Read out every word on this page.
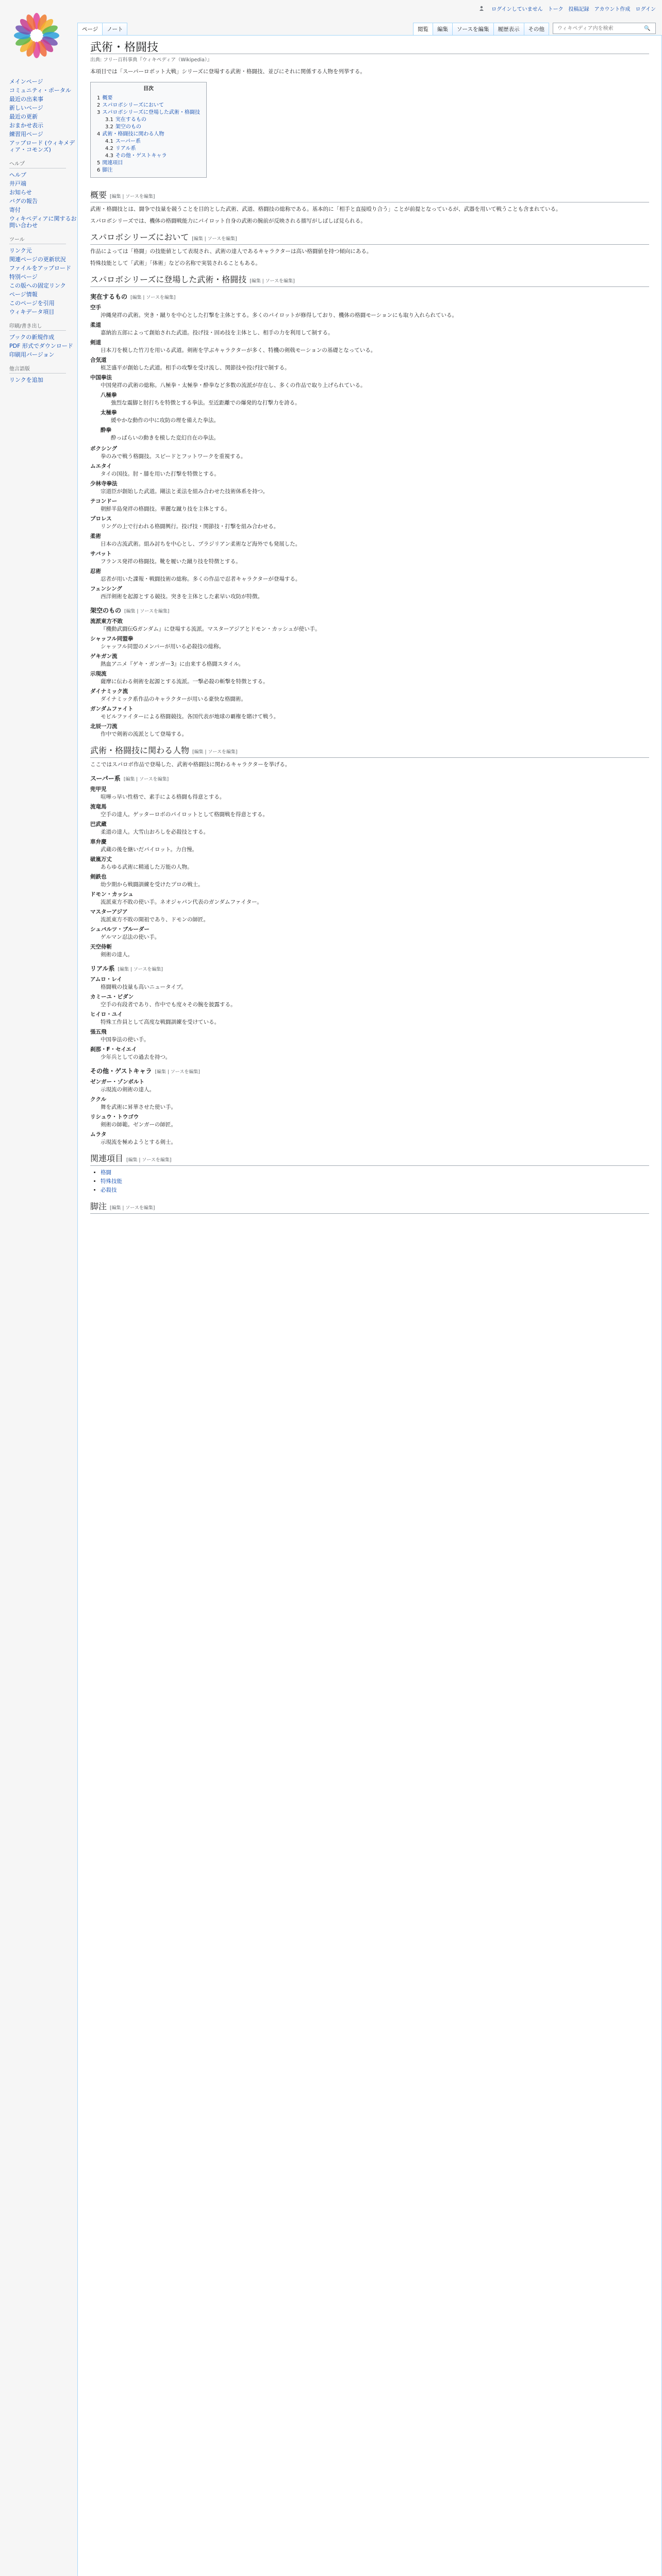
ログインしていません トーク 投稿記録 アカウント作成 ログイン
ページ	ノート	閲覧	編集	ソースを編集	履歴表示	その他
ウィキペディア内を検索	🔍
メインページ
コミュニティ・ポータル
最近の出来事
新しいページ
最近の更新
おまかせ表示
練習用ページ
アップロード (ウィキメディア・コモンズ)
ヘルプ
ヘルプ
井戸端
お知らせ
バグの報告
寄付
ウィキペディアに関するお問い合わせ
ツール
リンク元
関連ページの更新状況
ファイルをアップロード
特別ページ
この版への固定リンク
ページ情報
このページを引用
ウィキデータ項目
印刷/書き出し
ブックの新規作成
PDF 形式でダウンロード
印刷用バージョン
他言語版
リンクを追加
武術・格闘技
出典: フリー百科事典『ウィキペディア（Wikipedia）』

本項目では「スーパーロボット大戦」シリーズに登場する武術・格闘技、並びにそれに関係する人物を列挙する。

目次
1 概要
2 スパロボシリーズにおいて
3 スパロボシリーズに登場した武術・格闘技
3.1 実在するもの
3.2 架空のもの
4 武術・格闘技に関わる人物
4.1 スーパー系
4.2 リアル系
4.3 その他・ゲストキャラ
5 関連項目
6 脚注
概要 [編集 | ソースを編集]

武術・格闘技とは、闘争で技量を競うことを目的とした武術、武道、格闘技の総称である。基本的に「相手と直接殴り合う」ことが前提となっているが、武器を用いて戦うことも含まれている。

スパロボシリーズでは、機体の格闘戦能力にパイロット自身の武術の腕前が反映される描写がしばしば見られる。

スパロボシリーズにおいて [編集 | ソースを編集]

作品によっては「格闘」の技能値として表現され、武術の達人であるキャラクターは高い格闘値を持つ傾向にある。

特殊技能として「武術」「体術」などの名称で実装されることもある。

スパロボシリーズに登場した武術・格闘技 [編集 | ソースを編集]
実在するもの [編集 | ソースを編集]
空手
沖縄発祥の武術。突き・蹴りを中心とした打撃を主体とする。多くのパイロットが修得しており、機体の格闘モーションにも取り入れられている。
柔道
嘉納治五郎によって創始された武道。投げ技・固め技を主体とし、相手の力を利用して制する。
剣道
日本刀を模した竹刀を用いる武道。剣術を学ぶキャラクターが多く、特機の剣戟モーションの基礎となっている。
合気道
植芝盛平が創始した武道。相手の攻撃を受け流し、関節技や投げ技で制する。
中国拳法
中国発祥の武術の総称。八極拳・太極拳・酔拳など多数の流派が存在し、多くの作品で取り上げられている。
八極拳
強烈な震脚と肘打ちを特徴とする拳法。至近距離での爆発的な打撃力を誇る。
太極拳
緩やかな動作の中に攻防の理を備えた拳法。
酔拳
酔っぱらいの動きを模した変幻自在の拳法。
ボクシング
拳のみで戦う格闘技。スピードとフットワークを重視する。
ムエタイ
タイの国技。肘・膝を用いた打撃を特徴とする。
少林寺拳法
宗道臣が創始した武道。剛法と柔法を組み合わせた技術体系を持つ。
テコンドー
朝鮮半島発祥の格闘技。華麗な蹴り技を主体とする。
プロレス
リングの上で行われる格闘興行。投げ技・関節技・打撃を組み合わせる。
柔術
日本の古流武術。組み討ちを中心とし、ブラジリアン柔術など海外でも発展した。
サバット
フランス発祥の格闘技。靴を履いた蹴り技を特徴とする。
忍術
忍者が用いた諜報・戦闘技術の総称。多くの作品で忍者キャラクターが登場する。
フェンシング
西洋剣術を起源とする競技。突きを主体とした素早い攻防が特徴。
架空のもの [編集 | ソースを編集]
流派東方不敗
『機動武闘伝Gガンダム』に登場する流派。マスターアジアとドモン・カッシュが使い手。
シャッフル同盟拳
シャッフル同盟のメンバーが用いる必殺技の総称。
ゲキガン流
熱血アニメ『ゲキ・ガンガー3』に由来する格闘スタイル。
示現流
薩摩に伝わる剣術を起源とする流派。一撃必殺の斬撃を特徴とする。
ダイナミック流
ダイナミック系作品のキャラクターが用いる豪快な格闘術。
ガンダムファイト
モビルファイターによる格闘競技。各国代表が地球の覇権を賭けて戦う。
北辰一刀流
作中で剣術の流派として登場する。
武術・格闘技に関わる人物 [編集 | ソースを編集]

ここではスパロボ作品で登場した、武術や格闘技に関わるキャラクターを挙げる。

スーパー系 [編集 | ソースを編集]
兜甲児
喧嘩っ早い性格で、素手による格闘も得意とする。
流竜馬
空手の達人。ゲッターロボのパイロットとして格闘戦を得意とする。
巴武蔵
柔道の達人。大雪山おろしを必殺技とする。
車弁慶
武蔵の後を継いだパイロット。力自慢。
破嵐万丈
あらゆる武術に精通した万能の人物。
剣鉄也
幼少期から戦闘訓練を受けたプロの戦士。
ドモン・カッシュ
流派東方不敗の使い手。ネオジャパン代表のガンダムファイター。
マスターアジア
流派東方不敗の開祖であり、ドモンの師匠。
シュバルツ・ブルーダー
ゲルマン忍法の使い手。
天空侍斬
剣術の達人。
リアル系 [編集 | ソースを編集]
アムロ・レイ
格闘戦の技量も高いニュータイプ。
カミーユ・ビダン
空手の有段者であり、作中でも度々その腕を披露する。
ヒイロ・ユイ
特殊工作員として高度な戦闘訓練を受けている。
張五飛
中国拳法の使い手。
刹那・F・セイエイ
少年兵としての過去を持つ。
その他・ゲストキャラ [編集 | ソースを編集]
ゼンガー・ゾンボルト
示現流の剣術の達人。
ククル
舞を武術に昇華させた使い手。
リシュウ・トウゴウ
剣術の師範。ゼンガーの師匠。
ムラタ
示現流を極めようとする剣士。
関連項目 [編集 | ソースを編集]
• 格闘
• 特殊技能
• 必殺技
脚注 [編集 | ソースを編集]
